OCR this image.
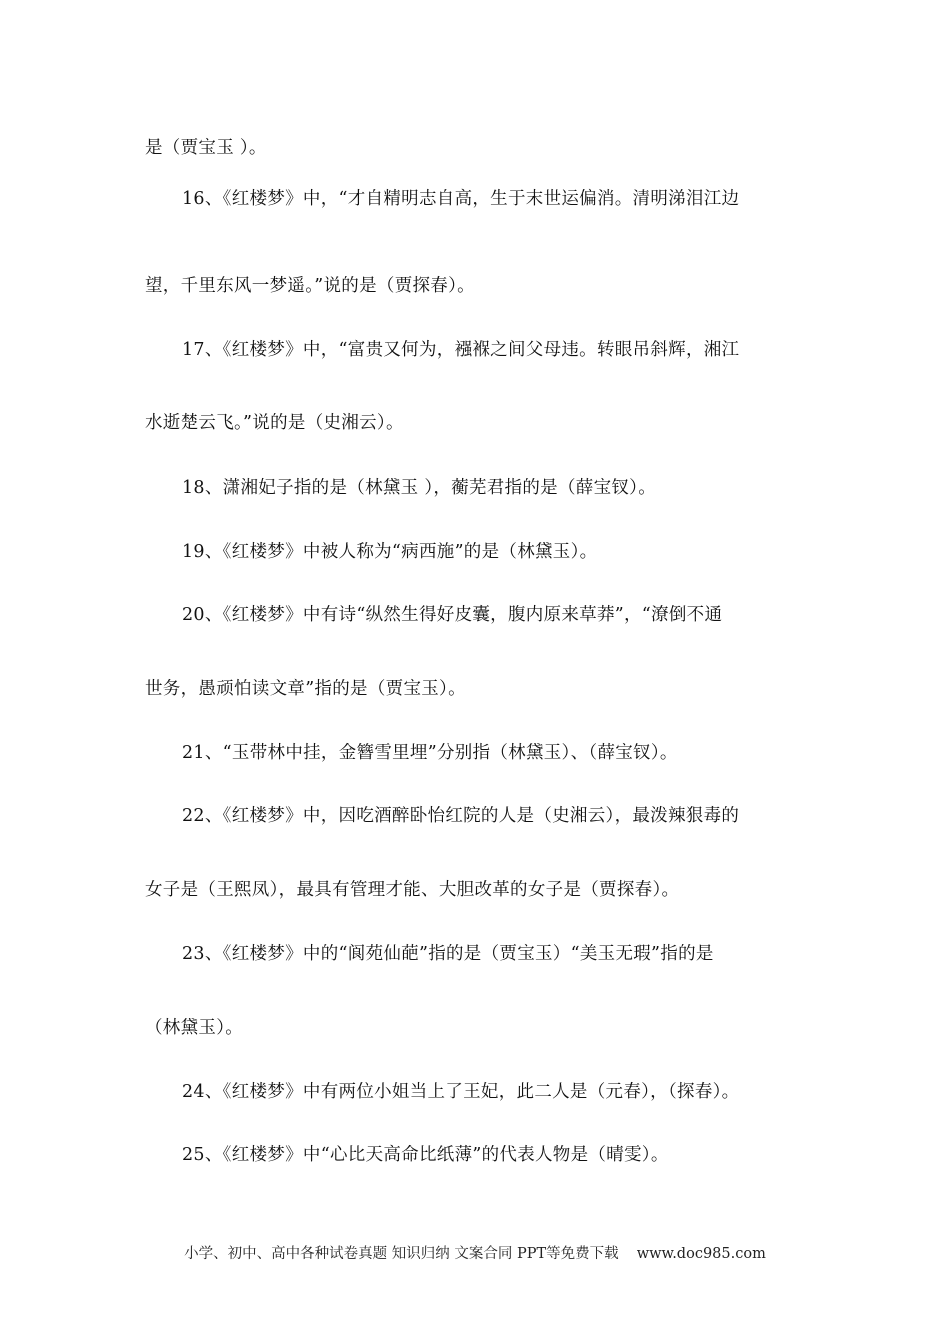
是（贾宝玉 ）。
16、《红楼梦》中，“才自精明志自高，生于末世运偏消。清明涕泪江边
望，千里东风一梦遥。”说的是（贾探春）。
17、《红楼梦》中，“富贵又何为，襁褓之间父母违。转眼吊斜辉，湘江
水逝楚云飞。”说的是（史湘云）。
18、潇湘妃子指的是（林黛玉 ），蘅芜君指的是（薛宝钗）。
19、《红楼梦》中被人称为“病西施”的是（林黛玉）。
20、《红楼梦》中有诗“纵然生得好皮囊，腹内原来草莽”，“潦倒不通
世务，愚顽怕读文章”指的是（贾宝玉）。
21、“玉带林中挂，金簪雪里埋”分别指（林黛玉）、（薛宝钗）。
22、《红楼梦》中，因吃酒醉卧怡红院的人是（史湘云），最泼辣狠毒的
女子是（王熙凤），最具有管理才能、大胆改革的女子是（贾探春）。
23、《红楼梦》中的“阆苑仙葩”指的是（贾宝玉）“美玉无瑕”指的是
（林黛玉）。
24、《红楼梦》中有两位小姐当上了王妃，此二人是（元春），（探春）。
25、《红楼梦》中“心比天高命比纸薄”的代表人物是（晴雯）。
小学、初中、高中各种试卷真题 知识归纳 文案合同 PPT等免费下载 www.doc985.com
